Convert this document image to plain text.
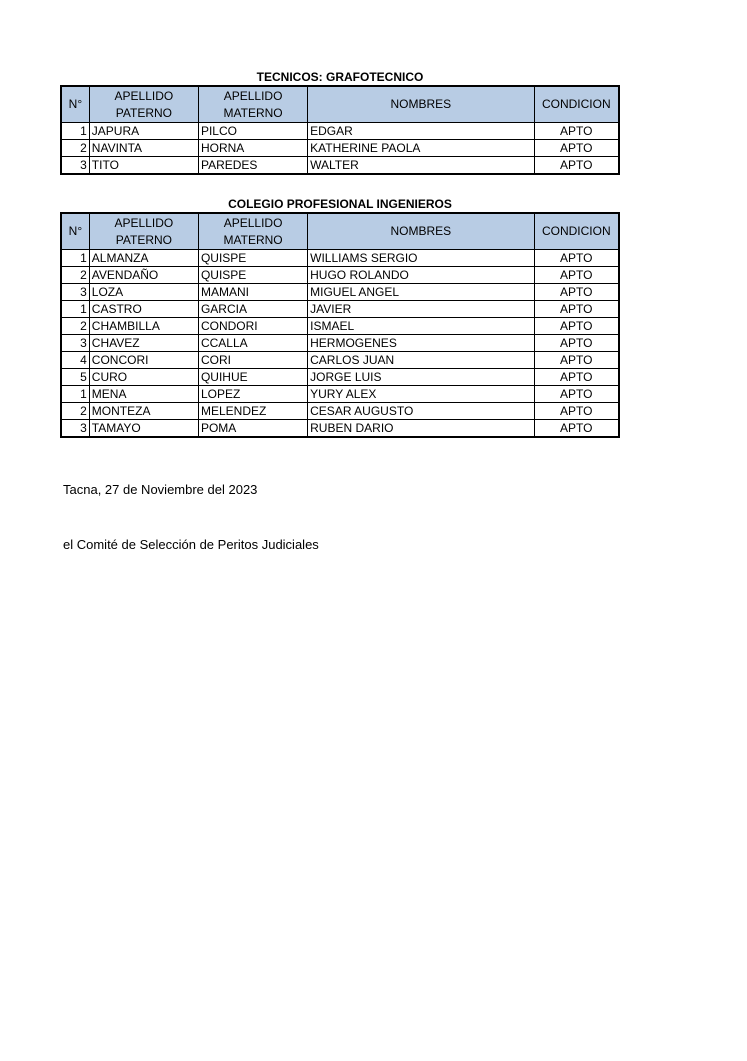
TECNICOS: GRAFOTECNICO
N°	APELLIDO PATERNO	APELLIDO MATERNO	NOMBRES	CONDICION
1	JAPURA	PILCO	EDGAR	APTO
2	NAVINTA	HORNA	KATHERINE PAOLA	APTO
3	TITO	PAREDES	WALTER	APTO
COLEGIO PROFESIONAL INGENIEROS
N°	APELLIDO PATERNO	APELLIDO MATERNO	NOMBRES	CONDICION
1	ALMANZA	QUISPE	WILLIAMS SERGIO	APTO
2	AVENDAÑO	QUISPE	HUGO ROLANDO	APTO
3	LOZA	MAMANI	MIGUEL ANGEL	APTO
1	CASTRO	GARCIA	JAVIER	APTO
2	CHAMBILLA	CONDORI	ISMAEL	APTO
3	CHAVEZ	CCALLA	HERMOGENES	APTO
4	CONCORI	CORI	CARLOS JUAN	APTO
5	CURO	QUIHUE	JORGE LUIS	APTO
1	MENA	LOPEZ	YURY ALEX	APTO
2	MONTEZA	MELENDEZ	CESAR AUGUSTO	APTO
3	TAMAYO	POMA	RUBEN DARIO	APTO
Tacna, 27 de Noviembre del 2023
el Comité de Selección de Peritos Judiciales
